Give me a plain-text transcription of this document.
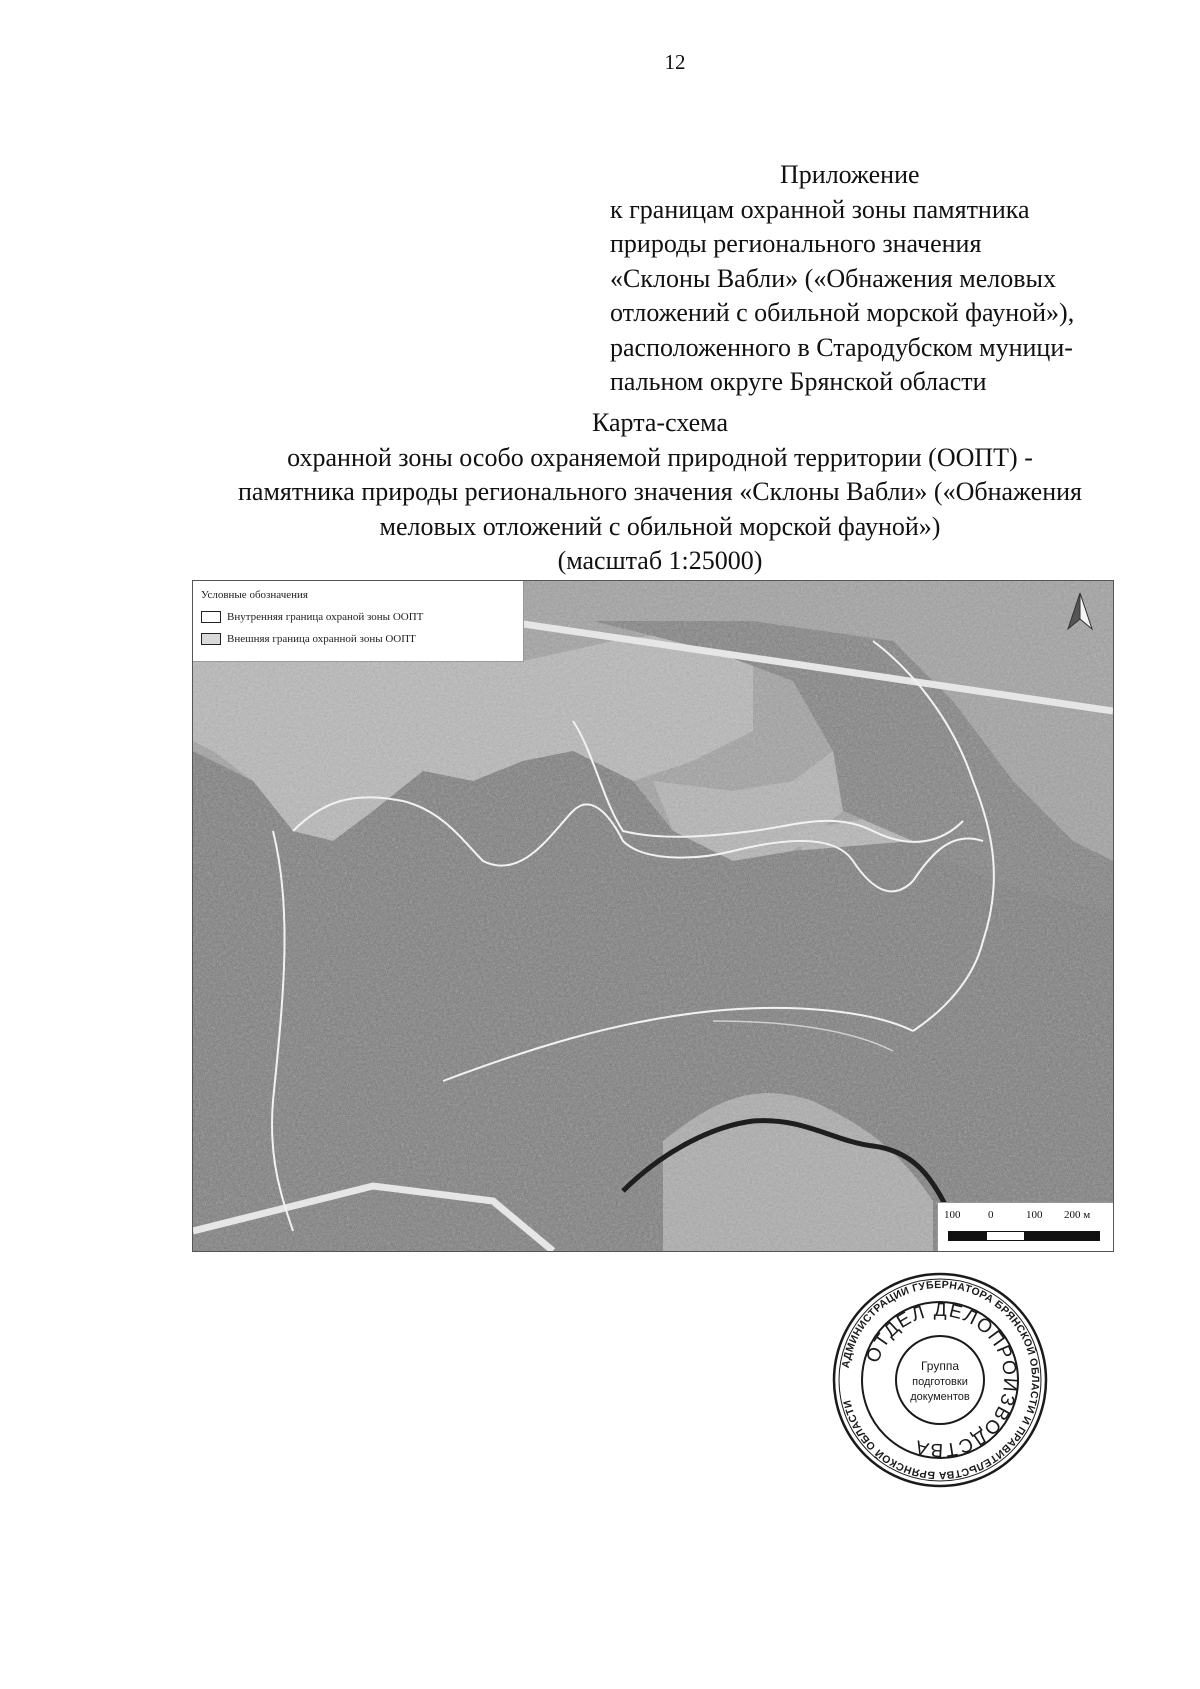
12
Приложение
к границам охранной зоны памятника
природы регионального значения
«Склоны Вабли» («Обнажения меловых
отложений с обильной морской фауной»),
расположенного в Стародубском муници-
пальном округе Брянской области
Карта-схема
охранной зоны особо охраняемой природной территории (ООПТ) -
памятника природы регионального значения «Склоны Вабли» («Обнажения
меловых отложений с обильной морской фауной»)
(масштаб 1:25000)
Условные обозначения
Внутренняя граница охраной зоны ООПТ
Внешняя граница охранной зоны ООПТ
100	0	100 200 м
АДМИНИСТРАЦИИ ГУБЕРНАТОРА БРЯНСКОЙ ОБЛАСТИ И ПРАВИТЕЛЬСТВА БРЯНСКОЙ ОБЛАСТИ
ОТДЕЛ ДЕЛОПРОИЗВОДСТВА
Группа
подготовки
документов
